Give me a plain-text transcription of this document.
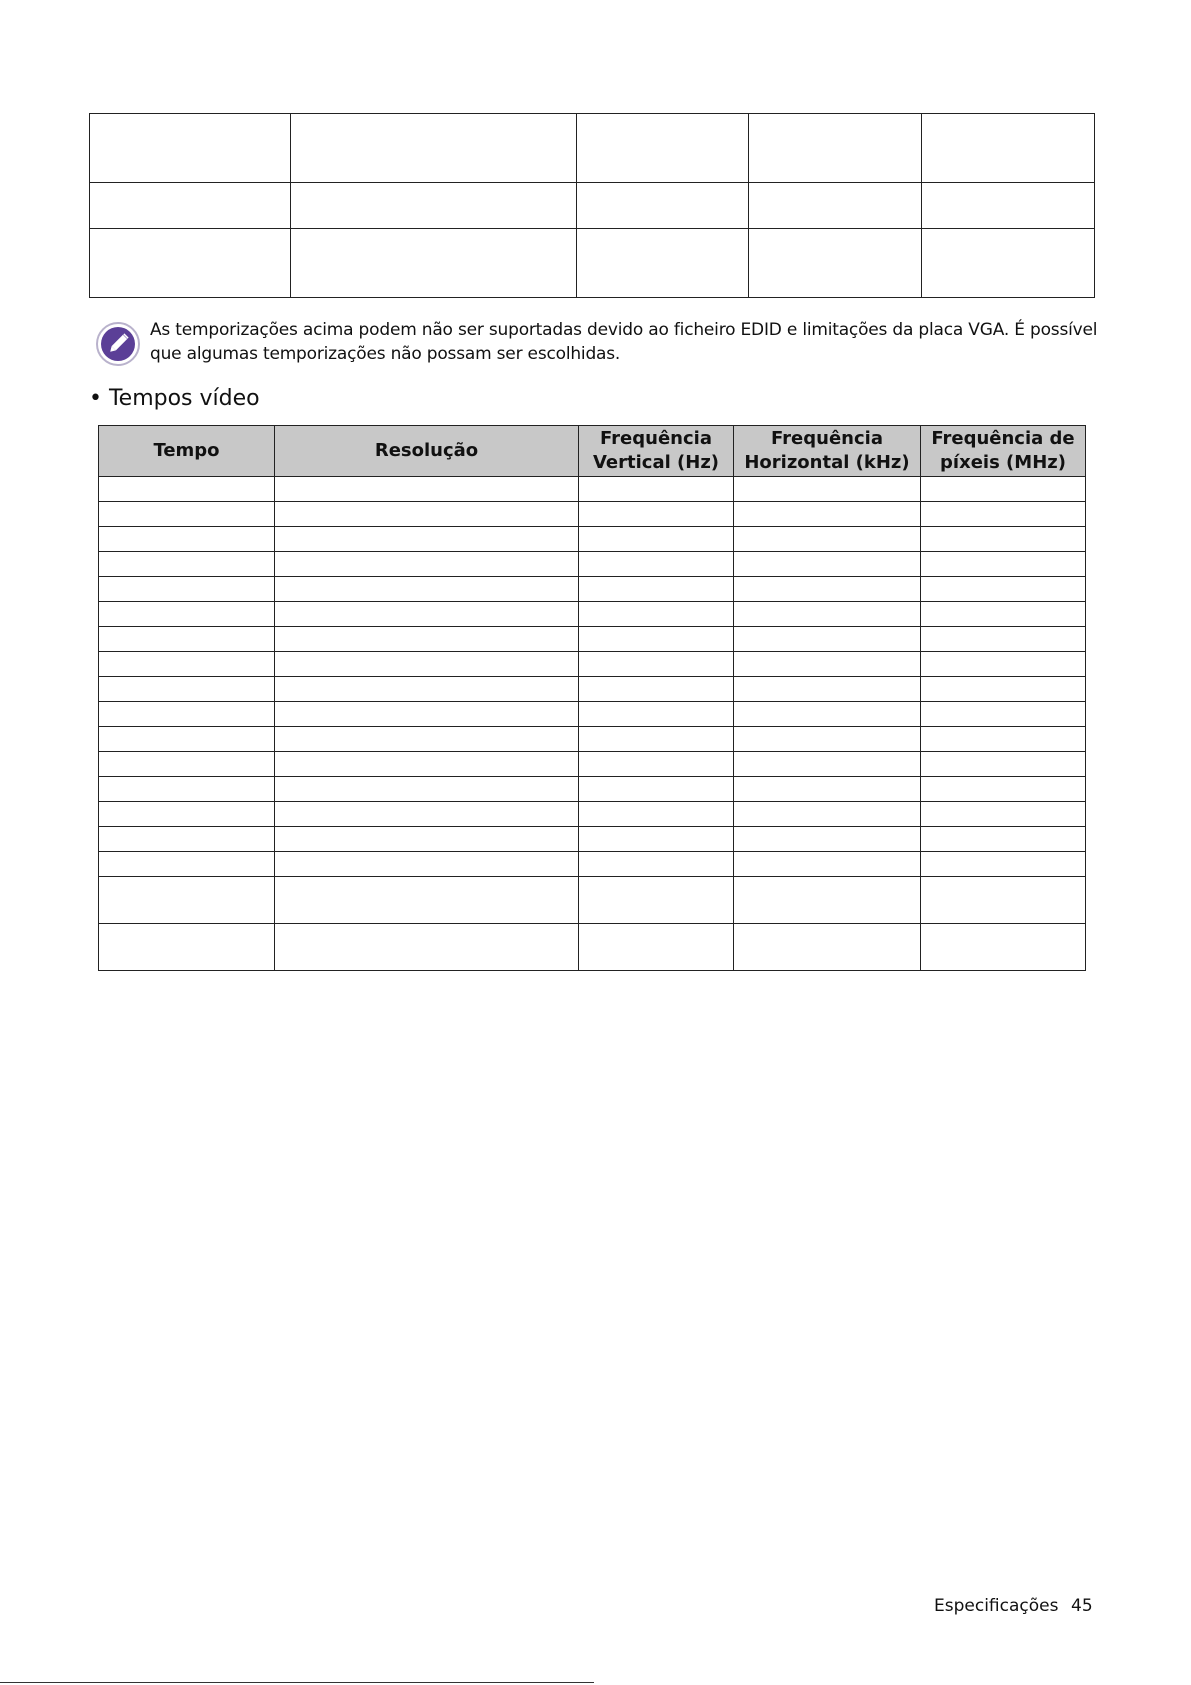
As temporizações acima podem não ser suportadas devido ao ficheiro EDID e limitações da placa VGA. É possível que algumas temporizações não possam ser escolhidas.
• Tempos vídeo
Tempo	Resolução	Frequência Vertical (Hz)	Frequência Horizontal (kHz)	Frequência de píxeis (MHz)

Especificações 45
